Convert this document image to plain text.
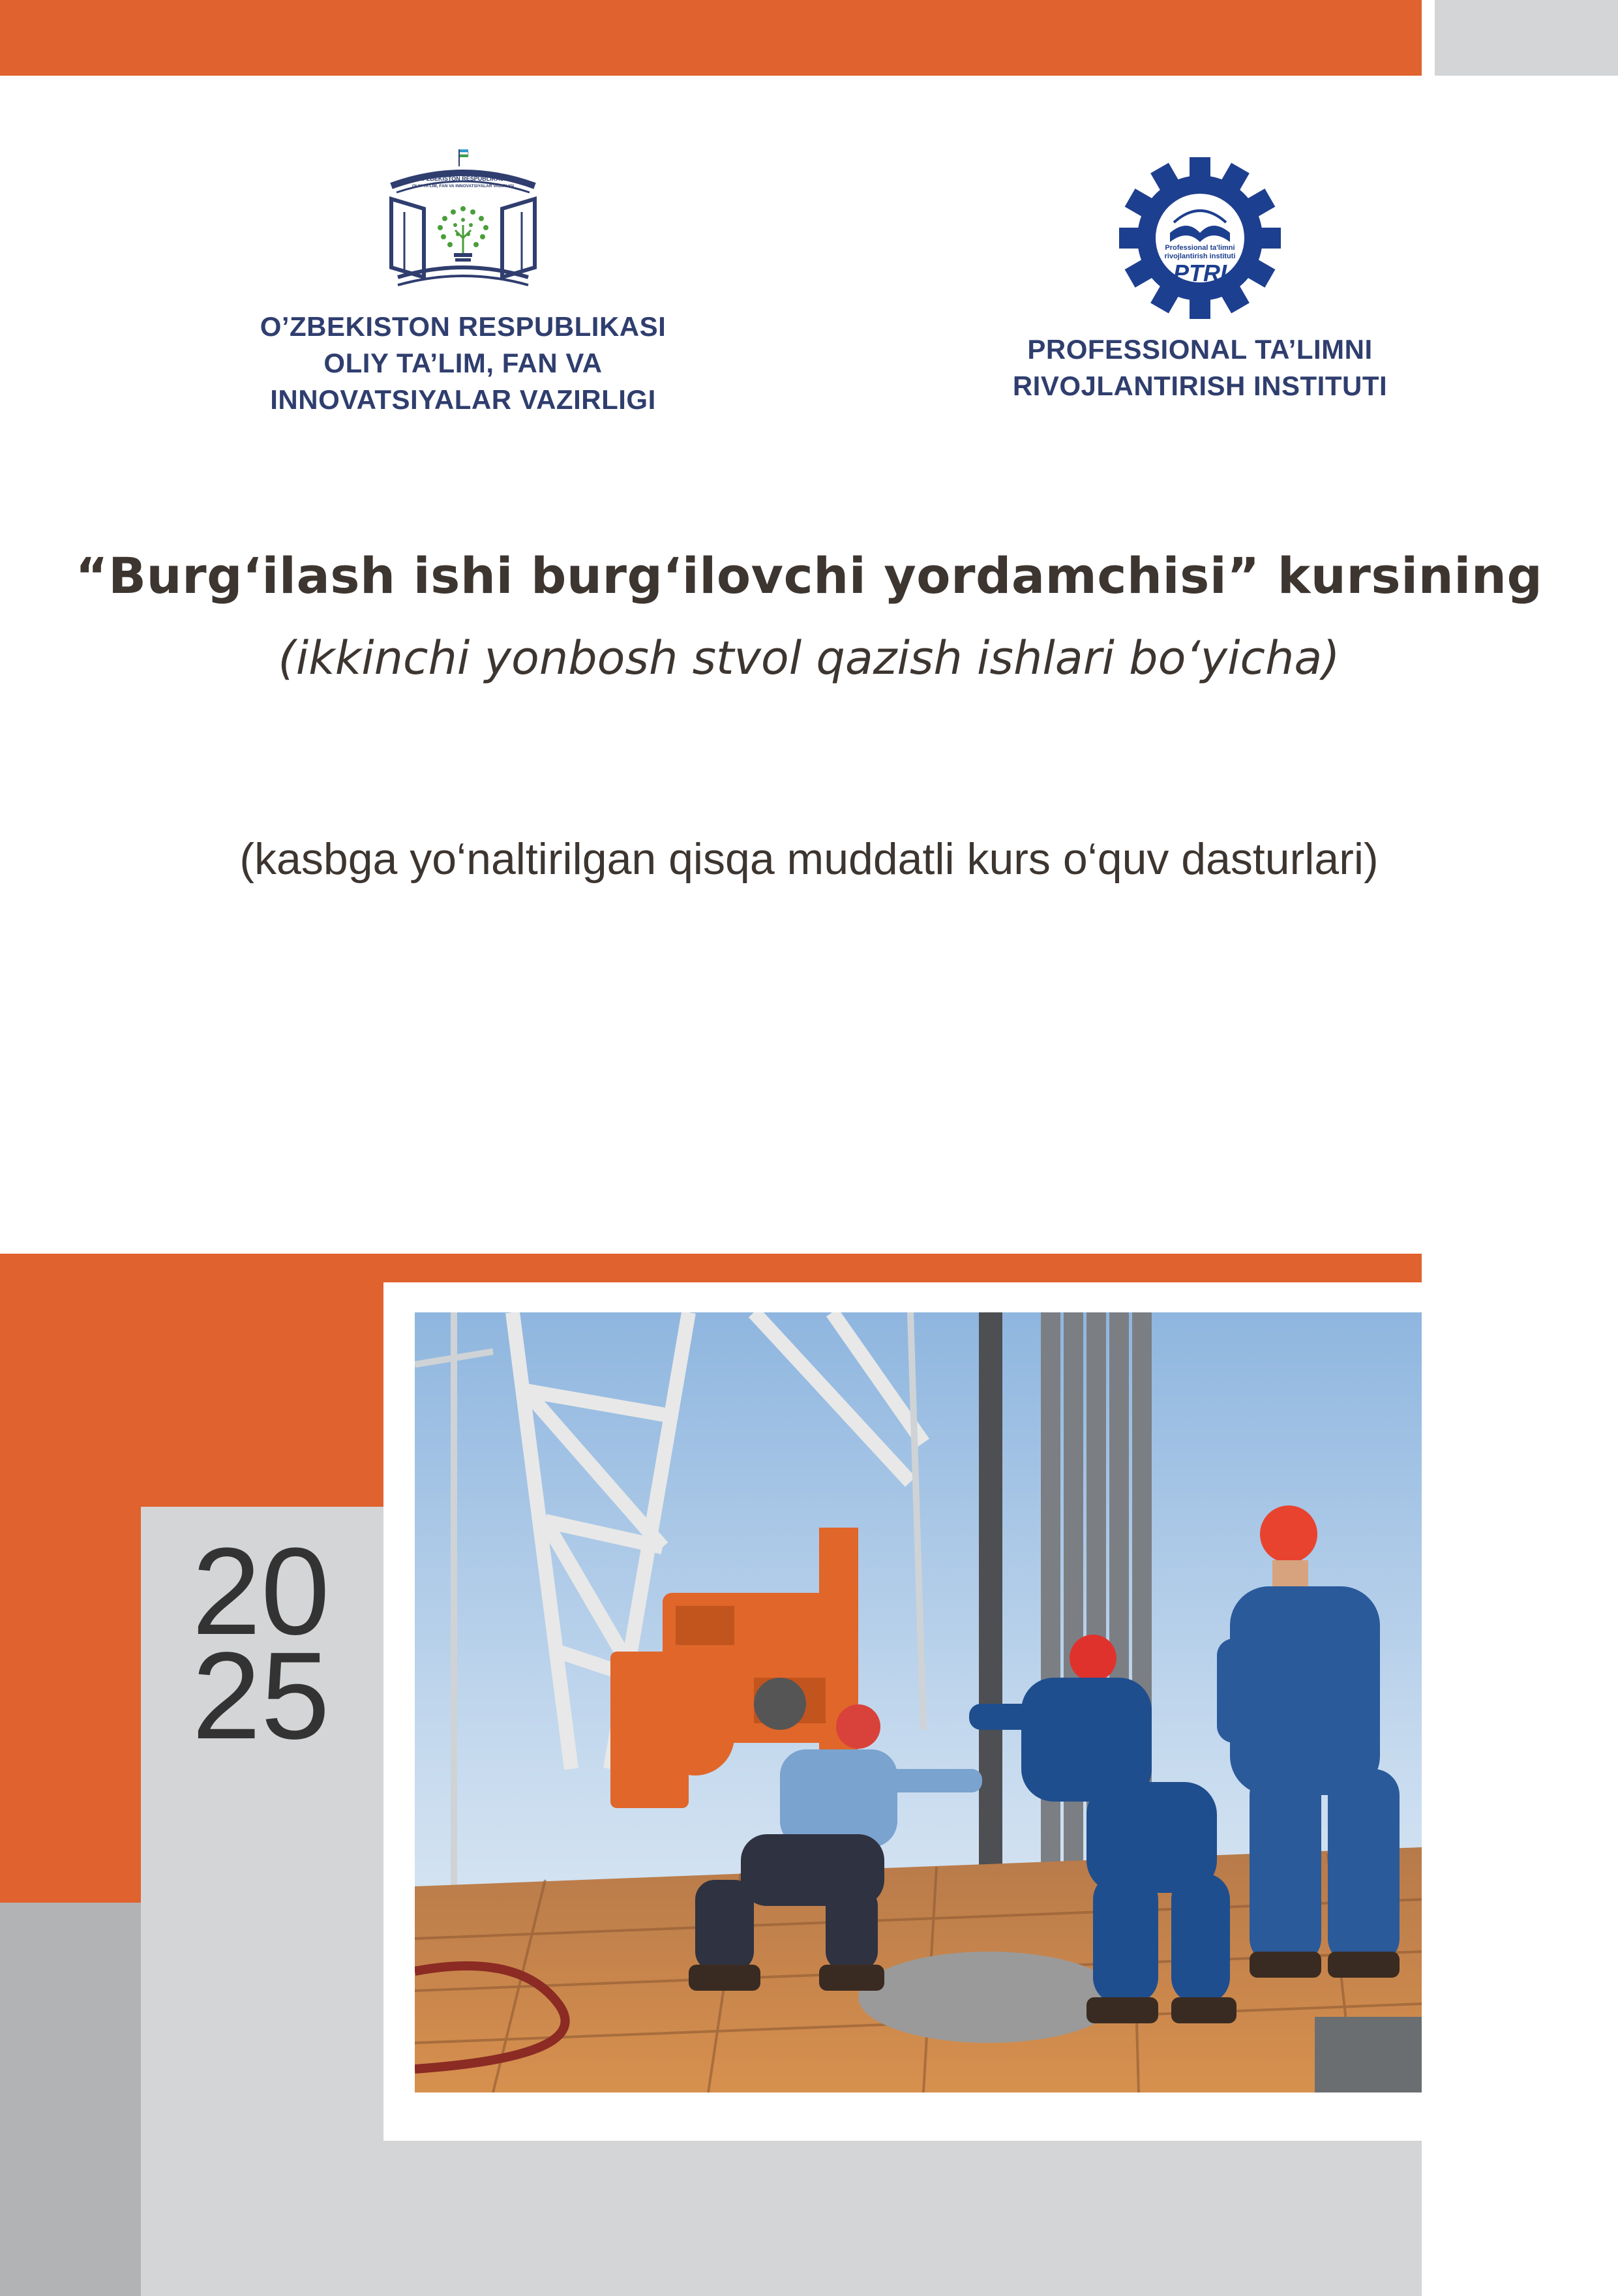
O'ZBEKISTON RESPUBLIKASI
OLIY TA'LIM, FAN VA INNOVATSIYALAR VAZIRLIGI
O’ZBEKISTON RESPUBLIKASI
OLIY TA’LIM, FAN VA
INNOVATSIYALAR VAZIRLIGI
Professional ta'limni
rivojlantirish instituti
PTRI
PROFESSIONAL TA’LIMNI
RIVOJLANTIRISH INSTITUTI
“Burg‘ilash ishi burg‘ilovchi yordamchisi” kursining
(ikkinchi yonbosh stvol qazish ishlari bo‘yicha)
(kasbga yo‘naltirilgan qisqa muddatli kurs o‘quv dasturlari)
20
25
